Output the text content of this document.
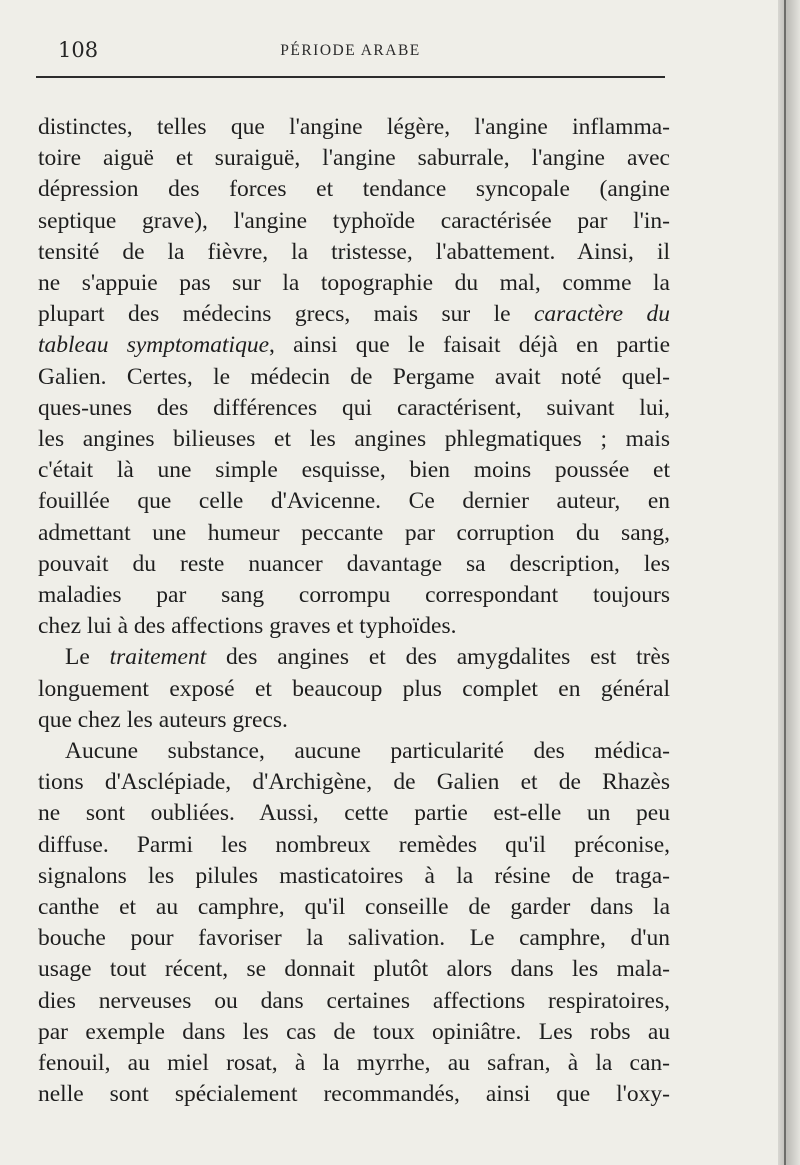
108	PÉRIODE ARABE

distinctes, telles que l'angine légère, l'angine inflamma-
toire aiguë et suraiguë, l'angine saburrale, l'angine avec
dépression des forces et tendance syncopale (angine
septique grave), l'angine typhoïde caractérisée par l'in-
tensité de la fièvre, la tristesse, l'abattement. Ainsi, il
ne s'appuie pas sur la topographie du mal, comme la
plupart des médecins grecs, mais sur le caractère du
tableau symptomatique, ainsi que le faisait déjà en partie
Galien. Certes, le médecin de Pergame avait noté quel-
ques-unes des différences qui caractérisent, suivant lui,
les angines bilieuses et les angines phlegmatiques ; mais
c'était là une simple esquisse, bien moins poussée et
fouillée que celle d'Avicenne. Ce dernier auteur, en
admettant une humeur peccante par corruption du sang,
pouvait du reste nuancer davantage sa description, les
maladies par sang corrompu correspondant toujours
chez lui à des affections graves et typhoïdes.

Le traitement des angines et des amygdalites est très
longuement exposé et beaucoup plus complet en général
que chez les auteurs grecs.

Aucune substance, aucune particularité des médica-
tions d'Asclépiade, d'Archigène, de Galien et de Rhazès
ne sont oubliées. Aussi, cette partie est-elle un peu
diffuse. Parmi les nombreux remèdes qu'il préconise,
signalons les pilules masticatoires à la résine de traga-
canthe et au camphre, qu'il conseille de garder dans la
bouche pour favoriser la salivation. Le camphre, d'un
usage tout récent, se donnait plutôt alors dans les mala-
dies nerveuses ou dans certaines affections respiratoires,
par exemple dans les cas de toux opiniâtre. Les robs au
fenouil, au miel rosat, à la myrrhe, au safran, à la can-
nelle sont spécialement recommandés, ainsi que l'oxy-
